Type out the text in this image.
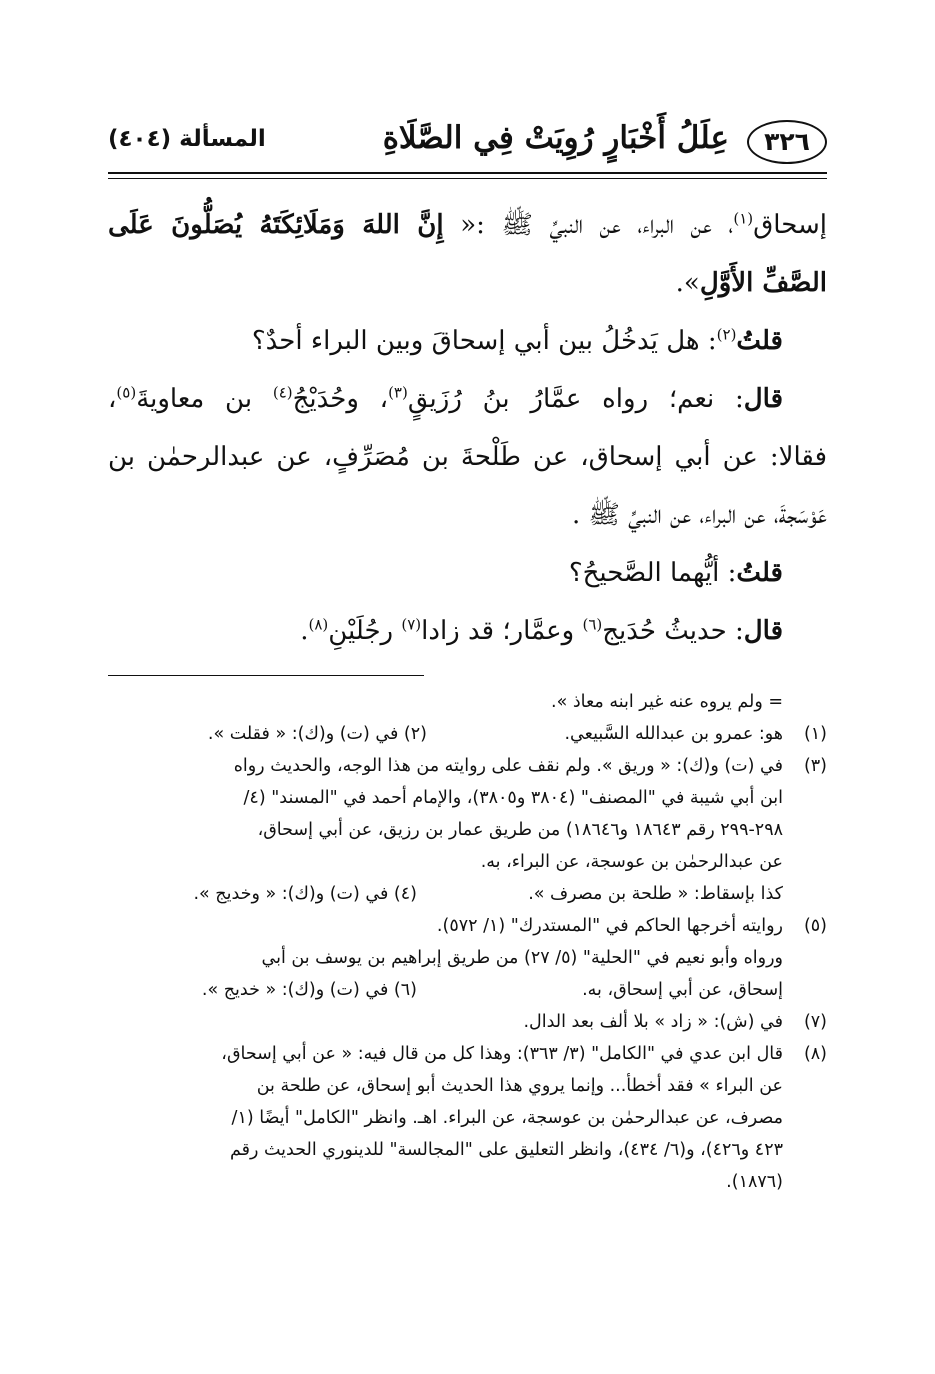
٣٢٦
عِلَلُ أَخْبَارٍ رُوِيَتْ فِي الصَّلَاةِ
المسألة (٤٠٤)
إسحاق$^{(١)}$، عن البراء، عن النبيِّ ﷺ :« إِنَّ اللهَ وَمَلَائِكَتَهُ يُصَلُّونَ عَلَى
الصَّفِّ الأَوَّلِ».
قلتُ$^{(٢)}$: هل يَدخُلُ بين أبي إسحاقَ وبين البراء أحدٌ؟
قال: نعم؛ رواه عمَّارُ بنُ رُزَيقٍ$^{(٣)}$، وحُدَيْجُ$^{(٤)}$ بن معاويةَ$^{(٥)}$،
فقالا: عن أبي إسحاق، عن طَلْحةَ بن مُصَرِّفٍ، عن عبدالرحمٰن بن
عَوْسَجةَ، عن البراء، عن النبيِّ ﷺ .
قلتُ: أيُّهما الصَّحيحُ؟
قال: حديثُ حُدَيج$^{(٦)}$ وعمَّار؛ قد زادا$^{(٧)}$ رجُلَيْنِ$^{(٨)}$.
= ولم يروه عنه غير ابنه معاذ ».
(١)هو: عمرو بن عبدالله السَّبيعي.
(٢) في (ت) و(ك): « فقلت ».
(٣)في (ت) و(ك): « وريق ». ولم نقف على روايته من هذا الوجه، والحديث رواه
ابن أبي شيبة في "المصنف" (٣٨٠٤ و٣٨٠٥)، والإمام أحمد في "المسند" (٤/
٢٩٨-٢٩٩ رقم ١٨٦٤٣ و١٨٦٤٦) من طريق عمار بن رزيق، عن أبي إسحاق،
عن عبدالرحمٰن بن عوسجة، عن البراء، به.
كذا بإسقاط: « طلحة بن مصرف ».
(٤) في (ت) و(ك): « وخديج ».
(٥)روايته أخرجها الحاكم في "المستدرك" (١/ ٥٧٢).
ورواه وأبو نعيم في "الحلية" (٥/ ٢٧) من طريق إبراهيم بن يوسف بن أبي
إسحاق، عن أبي إسحاق، به.
(٦) في (ت) و(ك): « خديج ».
(٧)في (ش): « زاد » بلا ألف بعد الدال.
(٨)قال ابن عدي في "الكامل" (٣/ ٣٦٣): وهذا كل من قال فيه: « عن أبي إسحاق،
عن البراء » فقد أخطأ... وإنما يروي هذا الحديث أبو إسحاق، عن طلحة بن
مصرف، عن عبدالرحمٰن بن عوسجة، عن البراء. اهـ. وانظر "الكامل" أيضًا (١/
٤٢٣ و٤٢٦)، و(٦/ ٤٣٤)، وانظر التعليق على "المجالسة" للدينوري الحديث رقم
(١٨٧٦).
